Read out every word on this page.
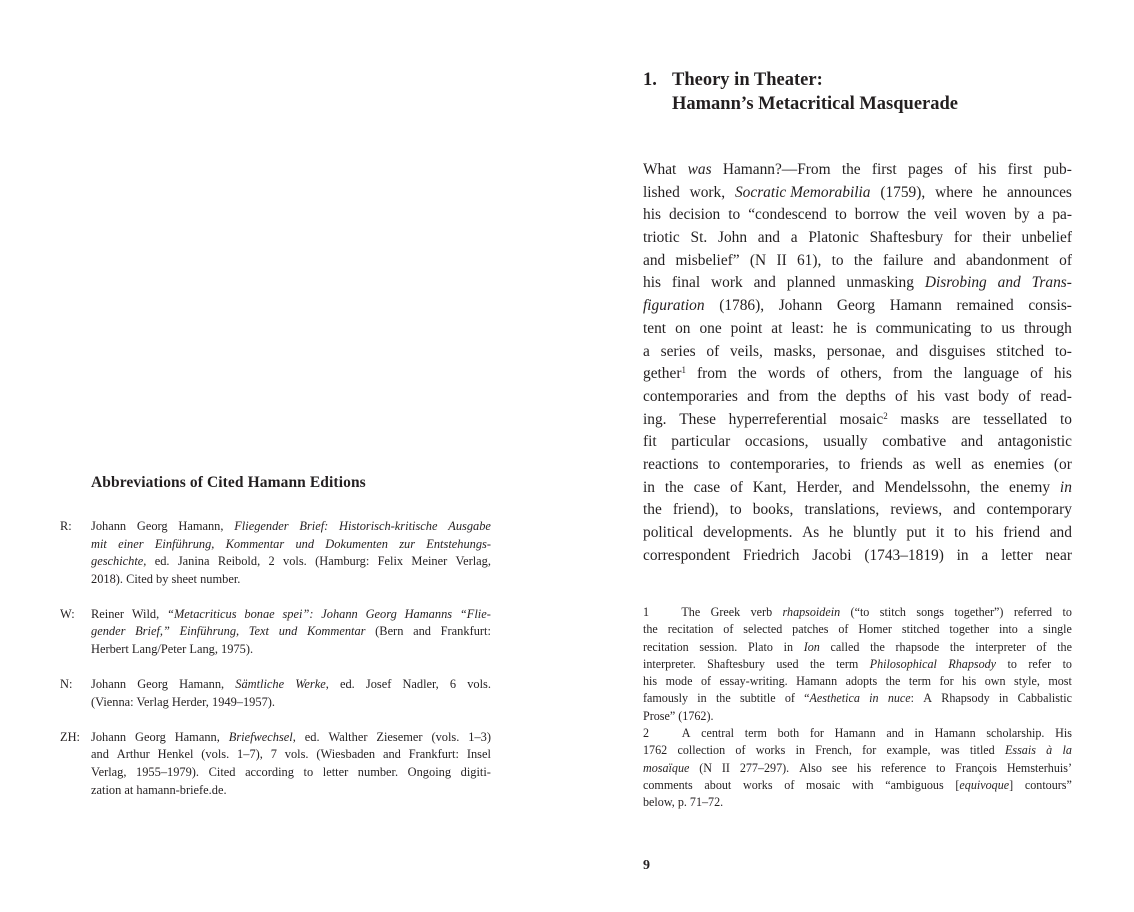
Abbreviations of Cited Hamann Editions
R: Johann Georg Hamann, Fliegender Brief: Historisch-kritische Ausgabe
mit einer Einführung, Kommentar und Dokumenten zur Entstehungs-
geschichte, ed. Janina Reibold, 2 vols. (Hamburg: Felix Meiner Verlag,
2018). Cited by sheet number.
W: Reiner Wild, “Metacriticus bonae spei”: Johann Georg Hamanns “Flie-
gender Brief,” Einführung, Text und Kommentar (Bern and Frankfurt:
Herbert Lang/Peter Lang, 1975).
N: Johann Georg Hamann, Sämtliche Werke, ed. Josef Nadler, 6 vols.
(Vienna: Verlag Herder, 1949–1957).
ZH: Johann Georg Hamann, Briefwechsel, ed. Walther Ziesemer (vols. 1–3)
and Arthur Henkel (vols. 1–7), 7 vols. (Wiesbaden and Frankfurt: Insel
Verlag, 1955–1979). Cited according to letter number. Ongoing digiti-
zation at hamann-briefe.de.
1. Theory in Theater:
Hamann’s Metacritical Masquerade
What was Hamann?—From the first pages of his first pub-
lished work, Socratic Memorabilia (1759), where he announces
his decision to “condescend to borrow the veil woven by a pa-
triotic St. John and a Platonic Shaftesbury for their unbelief
and misbelief” (N II 61), to the failure and abandonment of
his final work and planned unmasking Disrobing and Trans-
figuration (1786), Johann Georg Hamann remained consis-
tent on one point at least: he is communicating to us through
a series of veils, masks, personae, and disguises stitched to-
gether$^1$ from the words of others, from the language of his
contemporaries and from the depths of his vast body of read-
ing. These hyperreferential mosaic$^2$ masks are tessellated to
fit particular occasions, usually combative and antagonistic
reactions to contemporaries, to friends as well as enemies (or
in the case of Kant, Herder, and Mendelssohn, the enemy in
the friend), to books, translations, reviews, and contemporary
political developments. As he bluntly put it to his friend and
correspondent Friedrich Jacobi (1743–1819) in a letter near
1	The Greek verb rhapsoidein (“to stitch songs together”) referred to
the recitation of selected patches of Homer stitched together into a single
recitation session. Plato in Ion called the rhapsode the interpreter of the
interpreter. Shaftesbury used the term Philosophical Rhapsody to refer to
his mode of essay-writing. Hamann adopts the term for his own style, most
famously in the subtitle of “Aesthetica in nuce: A Rhapsody in Cabbalistic
Prose” (1762).
2	A central term both for Hamann and in Hamann scholarship. His
1762 collection of works in French, for example, was titled Essais à la
mosaïque (N II 277–297). Also see his reference to François Hemsterhuis’
comments about works of mosaic with “ambiguous [equivoque] contours”
below, p. 71–72.
9
